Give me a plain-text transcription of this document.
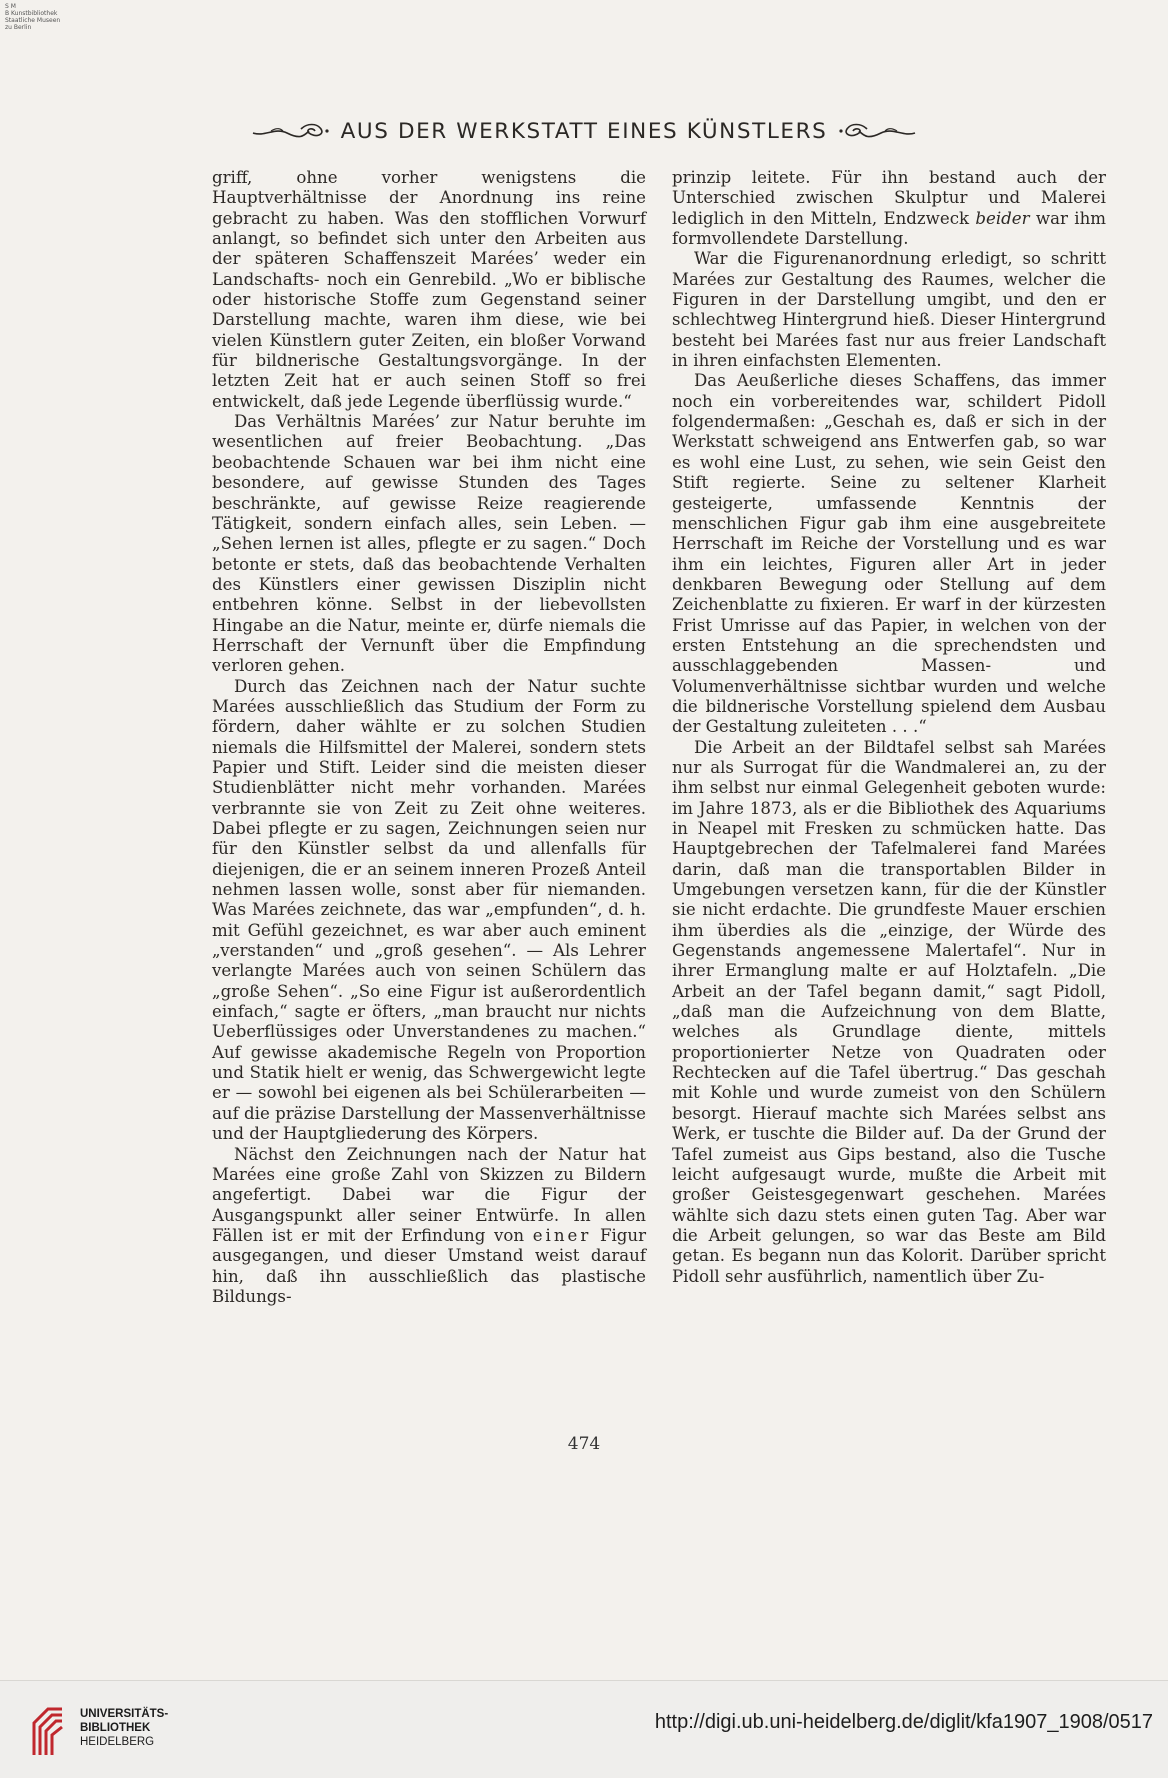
S M
B Kunstbibliothek
Staatliche Museen
zu Berlin
AUS DER WERKSTATT EINES KÜNSTLERS

griff, ohne vorher wenigstens die Hauptverhältnisse der Anordnung ins reine gebracht zu haben. Was den stofflichen Vorwurf anlangt, so befindet sich unter den Arbeiten aus der späteren Schaffenszeit Marées’ weder ein Landschafts- noch ein Genrebild. „Wo er biblische oder historische Stoffe zum Gegenstand seiner Darstellung machte, waren ihm diese, wie bei vielen Künstlern guter Zeiten, ein bloßer Vorwand für bildnerische Gestaltungsvorgänge. In der letzten Zeit hat er auch seinen Stoff so frei entwickelt, daß jede Legende überflüssig wurde.“

Das Verhältnis Marées’ zur Natur beruhte im wesentlichen auf freier Beobachtung. „Das beobachtende Schauen war bei ihm nicht eine besondere, auf gewisse Stunden des Tages beschränkte, auf gewisse Reize reagierende Tätigkeit, sondern einfach alles, sein Leben. — „Sehen lernen ist alles, pflegte er zu sagen.“ Doch betonte er stets, daß das beobachtende Verhalten des Künstlers einer gewissen Disziplin nicht entbehren könne. Selbst in der liebevollsten Hingabe an die Natur, meinte er, dürfe niemals die Herrschaft der Vernunft über die Empfindung verloren gehen.

Durch das Zeichnen nach der Natur suchte Marées ausschließlich das Studium der Form zu fördern, daher wählte er zu solchen Studien niemals die Hilfsmittel der Malerei, sondern stets Papier und Stift. Leider sind die meisten dieser Studienblätter nicht mehr vorhanden. Marées verbrannte sie von Zeit zu Zeit ohne weiteres. Dabei pflegte er zu sagen, Zeichnungen seien nur für den Künstler selbst da und allenfalls für diejenigen, die er an seinem inneren Prozeß Anteil nehmen lassen wolle, sonst aber für niemanden. Was Marées zeichnete, das war „empfunden“, d. h. mit Gefühl gezeichnet, es war aber auch eminent „verstanden“ und „groß gesehen“. — Als Lehrer verlangte Marées auch von seinen Schülern das „große Sehen“. „So eine Figur ist außerordentlich einfach,“ sagte er öfters, „man braucht nur nichts Ueberflüssiges oder Unverstandenes zu machen.“ Auf gewisse akademische Regeln von Proportion und Statik hielt er wenig, das Schwergewicht legte er — sowohl bei eigenen als bei Schülerarbeiten — auf die präzise Darstellung der Massenverhältnisse und der Hauptgliederung des Körpers.

Nächst den Zeichnungen nach der Natur hat Marées eine große Zahl von Skizzen zu Bildern angefertigt. Dabei war die Figur der Ausgangspunkt aller seiner Entwürfe. In allen Fällen ist er mit der Erfindung von einer Figur ausgegangen, und dieser Umstand weist darauf hin, daß ihn ausschließlich das plastische Bildungs-

prinzip leitete. Für ihn bestand auch der Unterschied zwischen Skulptur und Malerei lediglich in den Mitteln, Endzweck beider war ihm formvollendete Darstellung.

War die Figurenanordnung erledigt, so schritt Marées zur Gestaltung des Raumes, welcher die Figuren in der Darstellung umgibt, und den er schlechtweg Hintergrund hieß. Dieser Hintergrund besteht bei Marées fast nur aus freier Landschaft in ihren einfachsten Elementen.

Das Aeußerliche dieses Schaffens, das immer noch ein vorbereitendes war, schildert Pidoll folgendermaßen: „Geschah es, daß er sich in der Werkstatt schweigend ans Entwerfen gab, so war es wohl eine Lust, zu sehen, wie sein Geist den Stift regierte. Seine zu seltener Klarheit gesteigerte, umfassende Kenntnis der menschlichen Figur gab ihm eine ausgebreitete Herrschaft im Reiche der Vorstellung und es war ihm ein leichtes, Figuren aller Art in jeder denkbaren Bewegung oder Stellung auf dem Zeichenblatte zu fixieren. Er warf in der kürzesten Frist Umrisse auf das Papier, in welchen von der ersten Entstehung an die sprechendsten und ausschlaggebenden Massen- und Volumenverhältnisse sichtbar wurden und welche die bildnerische Vorstellung spielend dem Ausbau der Gestaltung zuleiteten . . .“

Die Arbeit an der Bildtafel selbst sah Marées nur als Surrogat für die Wandmalerei an, zu der ihm selbst nur einmal Gelegenheit geboten wurde: im Jahre 1873, als er die Bibliothek des Aquariums in Neapel mit Fresken zu schmücken hatte. Das Hauptgebrechen der Tafelmalerei fand Marées darin, daß man die transportablen Bilder in Umgebungen versetzen kann, für die der Künstler sie nicht erdachte. Die grundfeste Mauer erschien ihm überdies als die „einzige, der Würde des Gegenstands angemessene Malertafel“. Nur in ihrer Ermanglung malte er auf Holztafeln. „Die Arbeit an der Tafel begann damit,“ sagt Pidoll, „daß man die Aufzeichnung von dem Blatte, welches als Grundlage diente, mittels proportionierter Netze von Quadraten oder Rechtecken auf die Tafel übertrug.“ Das geschah mit Kohle und wurde zumeist von den Schülern besorgt. Hierauf machte sich Marées selbst ans Werk, er tuschte die Bilder auf. Da der Grund der Tafel zumeist aus Gips bestand, also die Tusche leicht aufgesaugt wurde, mußte die Arbeit mit großer Geistesgegenwart geschehen. Marées wählte sich dazu stets einen guten Tag. Aber war die Arbeit gelungen, so war das Beste am Bild getan. Es begann nun das Kolorit. Darüber spricht Pidoll sehr ausführlich, namentlich über Zu-

474
UNIVERSITÄTS-
BIBLIOTHEK
HEIDELBERG
http://digi.ub.uni-heidelberg.de/diglit/kfa1907_1908/0517
